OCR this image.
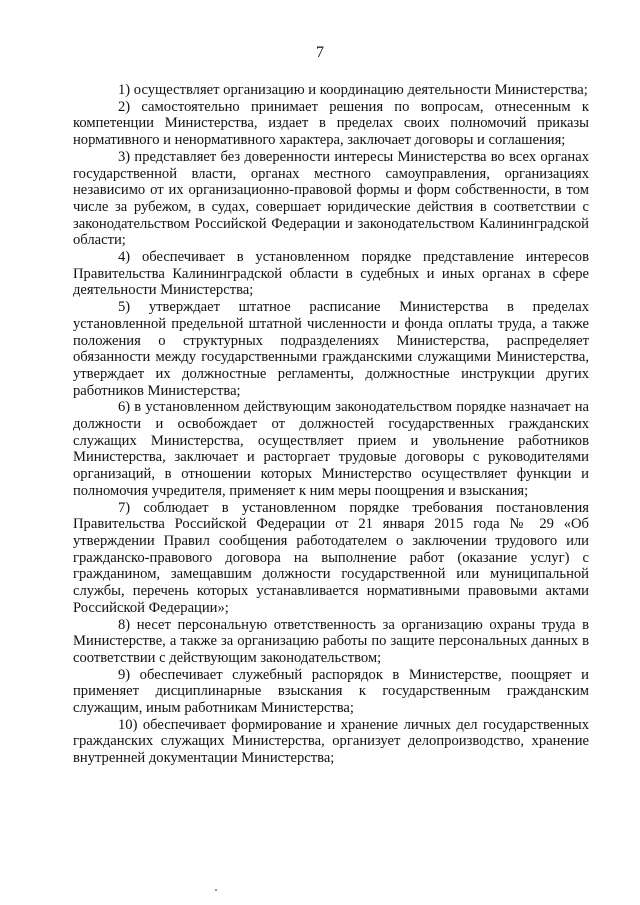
7

1) осуществляет организацию и координацию деятельности Министерства;

2) самостоятельно принимает решения по вопросам, отнесенным к компетенции Министерства, издает в пределах своих полномочий приказы нормативного и ненормативного характера, заключает договоры и соглашения;

3) представляет без доверенности интересы Министерства во всех органах государственной власти, органах местного самоуправления, организациях независимо от их организационно-правовой формы и форм собственности, в том числе за рубежом, в судах, совершает юридические действия в соответствии с законодательством Российской Федерации и законодательством Калининградской области;

4) обеспечивает в установленном порядке представление интересов Правительства Калининградской области в судебных и иных органах в сфере деятельности Министерства;

5) утверждает штатное расписание Министерства в пределах установленной предельной штатной численности и фонда оплаты труда, а также положения о структурных подразделениях Министерства, распределяет обязанности между государственными гражданскими служащими Министерства, утверждает их должностные регламенты, должностные инструкции других работников Министерства;

6) в установленном действующим законодательством порядке назначает на должности и освобождает от должностей государственных гражданских служащих Министерства, осуществляет прием и увольнение работников Министерства, заключает и расторгает трудовые договоры с руководителями организаций, в отношении которых Министерство осуществляет функции и полномочия учредителя, применяет к ним меры поощрения и взыскания;

7) соблюдает в установленном порядке требования постановления Правительства Российской Федерации от 21 января 2015 года № 29 «Об утверждении Правил сообщения работодателем о заключении трудового или гражданско-правового договора на выполнение работ (оказание услуг) с гражданином, замещавшим должности государственной или муниципальной службы, перечень которых устанавливается нормативными правовыми актами Российской Федерации»;

8) несет персональную ответственность за организацию охраны труда в Министерстве, а также за организацию работы по защите персональных данных в соответствии с действующим законодательством;

9) обеспечивает служебный распорядок в Министерстве, поощряет и применяет дисциплинарные взыскания к государственным гражданским служащим, иным работникам Министерства;

10) обеспечивает формирование и хранение личных дел государственных гражданских служащих Министерства, организует делопроизводство, хранение внутренней документации Министерства;
